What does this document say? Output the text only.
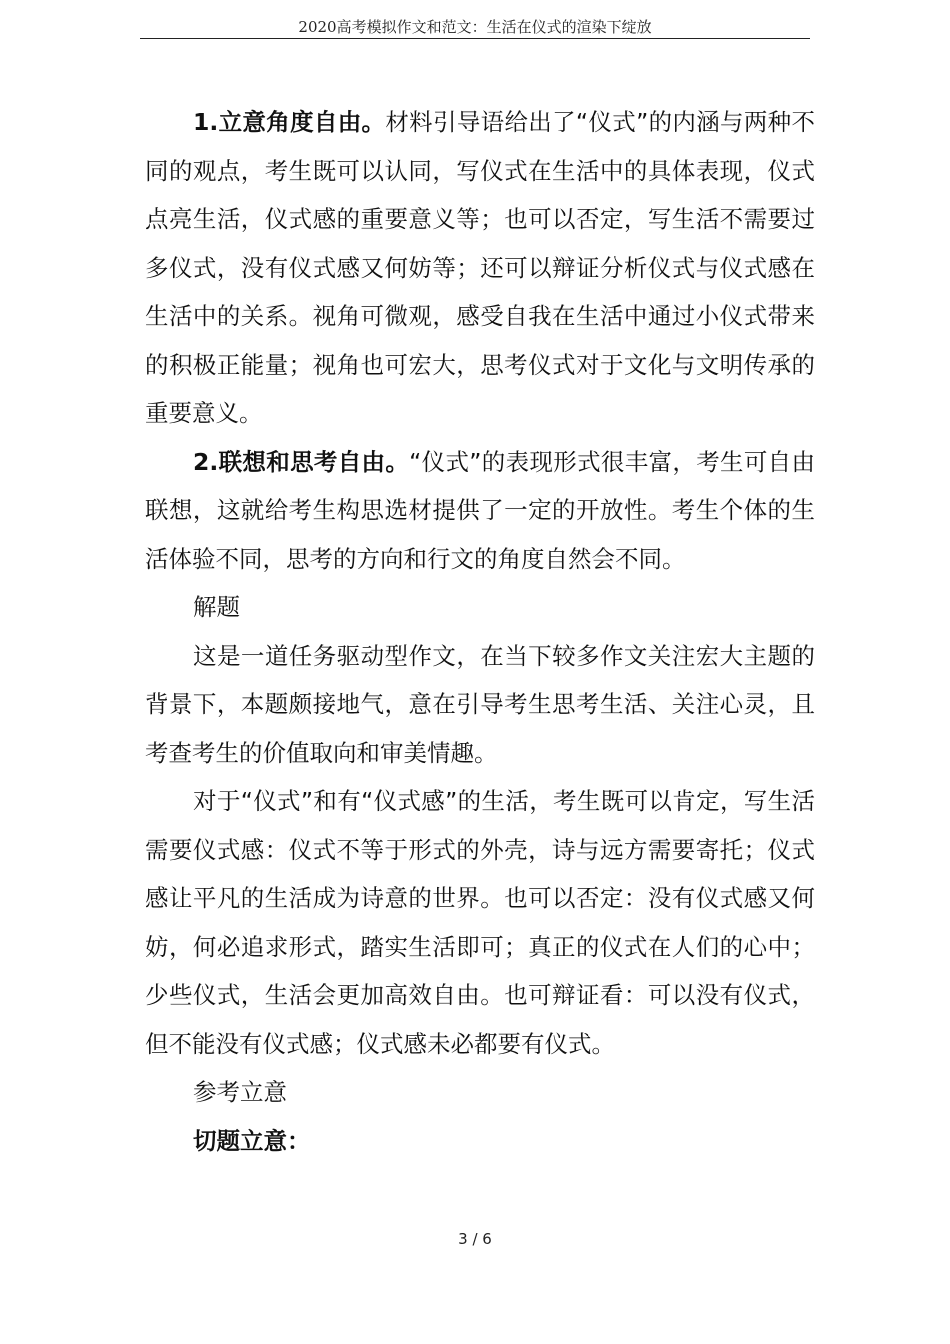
2020高考模拟作文和范文：生活在仪式的渲染下绽放

1.立意角度自由。材料引导语给出了“仪式”的内涵与两种不同的观点，考生既可以认同，写仪式在生活中的具体表现，仪式点亮生活，仪式感的重要意义等；也可以否定，写生活不需要过多仪式，没有仪式感又何妨等；还可以辩证分析仪式与仪式感在生活中的关系。视角可微观，感受自我在生活中通过小仪式带来的积极正能量；视角也可宏大，思考仪式对于文化与文明传承的重要意义。

2.联想和思考自由。“仪式”的表现形式很丰富，考生可自由联想，这就给考生构思选材提供了一定的开放性。考生个体的生活体验不同，思考的方向和行文的角度自然会不同。

解题

这是一道任务驱动型作文，在当下较多作文关注宏大主题的背景下，本题颇接地气，意在引导考生思考生活、关注心灵，且考查考生的价值取向和审美情趣。

对于“仪式”和有“仪式感”的生活，考生既可以肯定，写生活需要仪式感：仪式不等于形式的外壳，诗与远方需要寄托；仪式感让平凡的生活成为诗意的世界。也可以否定：没有仪式感又何妨，何必追求形式，踏实生活即可；真正的仪式在人们的心中；少些仪式，生活会更加高效自由。也可辩证看：可以没有仪式，但不能没有仪式感；仪式感未必都要有仪式。

参考立意

切题立意：

3 / 6
